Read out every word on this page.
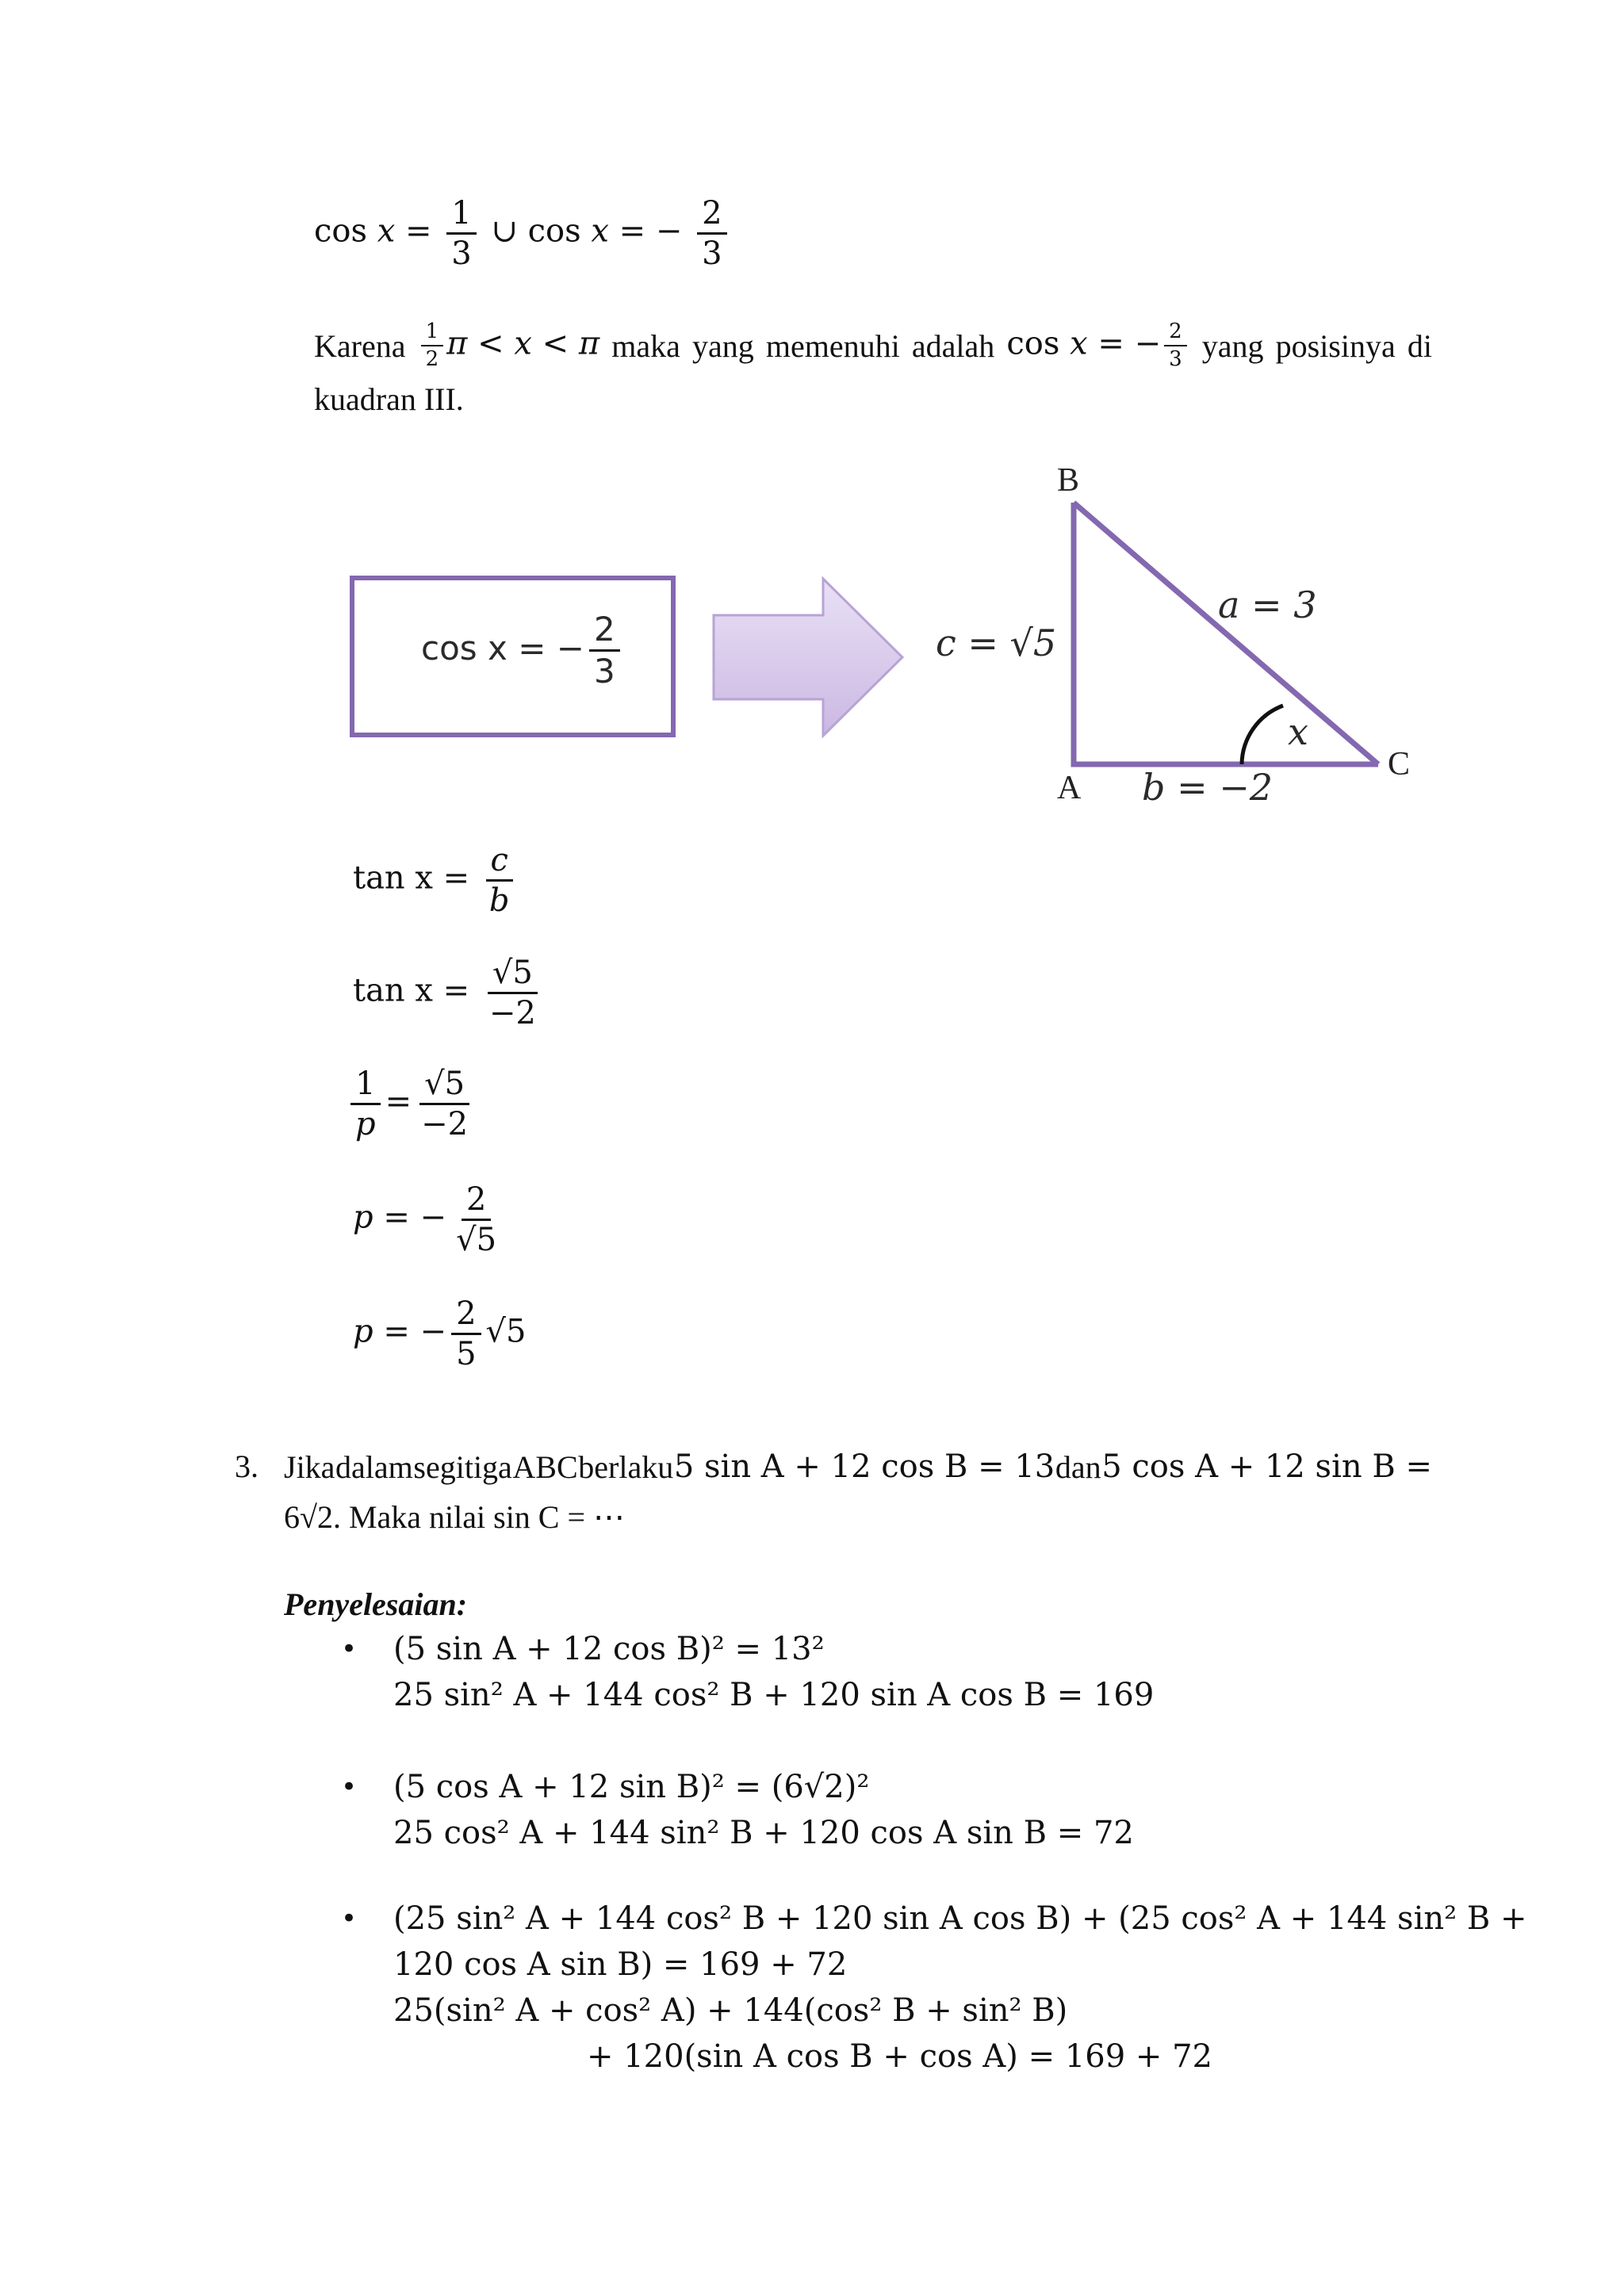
$\cos x = \frac{1}{3}$ ∪ cos x = − $\frac{2}{3}$
Karena $\frac{1}{2}$ π < x < π maka yang memenuhi adalah cos x = − $\frac{2}{3}$ yang posisinya di
kuadran III.
cos x = − $\frac{2}{3}$
B
A
C
a = 3
b = −2
c = √5
x
$\tan x = \frac{c}{b}$
$\tan x = \frac{√5}{-2}$
$\frac{1}{p} = \frac{√5}{-2}$
p = − $\frac{2}{√5}$
p = − $\frac{2}{5} √5$
3. Jika dalam segitiga ABC berlaku 5 sin A + 12 cos B = 13 dan 5 cos A + 12 sin B =
6√2. Maka nilai sin C = ⋯
Penyelesaian:
• (5 sin A + 12 cos B)² = 13²
25 sin² A + 144 cos² B + 120 sin A cos B = 169
• (5 cos A + 12 sin B)² = (6√2)²
25 cos² A + 144 sin² B + 120 cos A sin B = 72
• (25 sin² A + 144 cos² B + 120 sin A cos B) + (25 cos² A + 144 sin² B +
120 cos A sin B) = 169 + 72
25(sin² A + cos² A) + 144(cos² B + sin² B)
+ 120(sin A cos B + cos A) = 169 + 72
